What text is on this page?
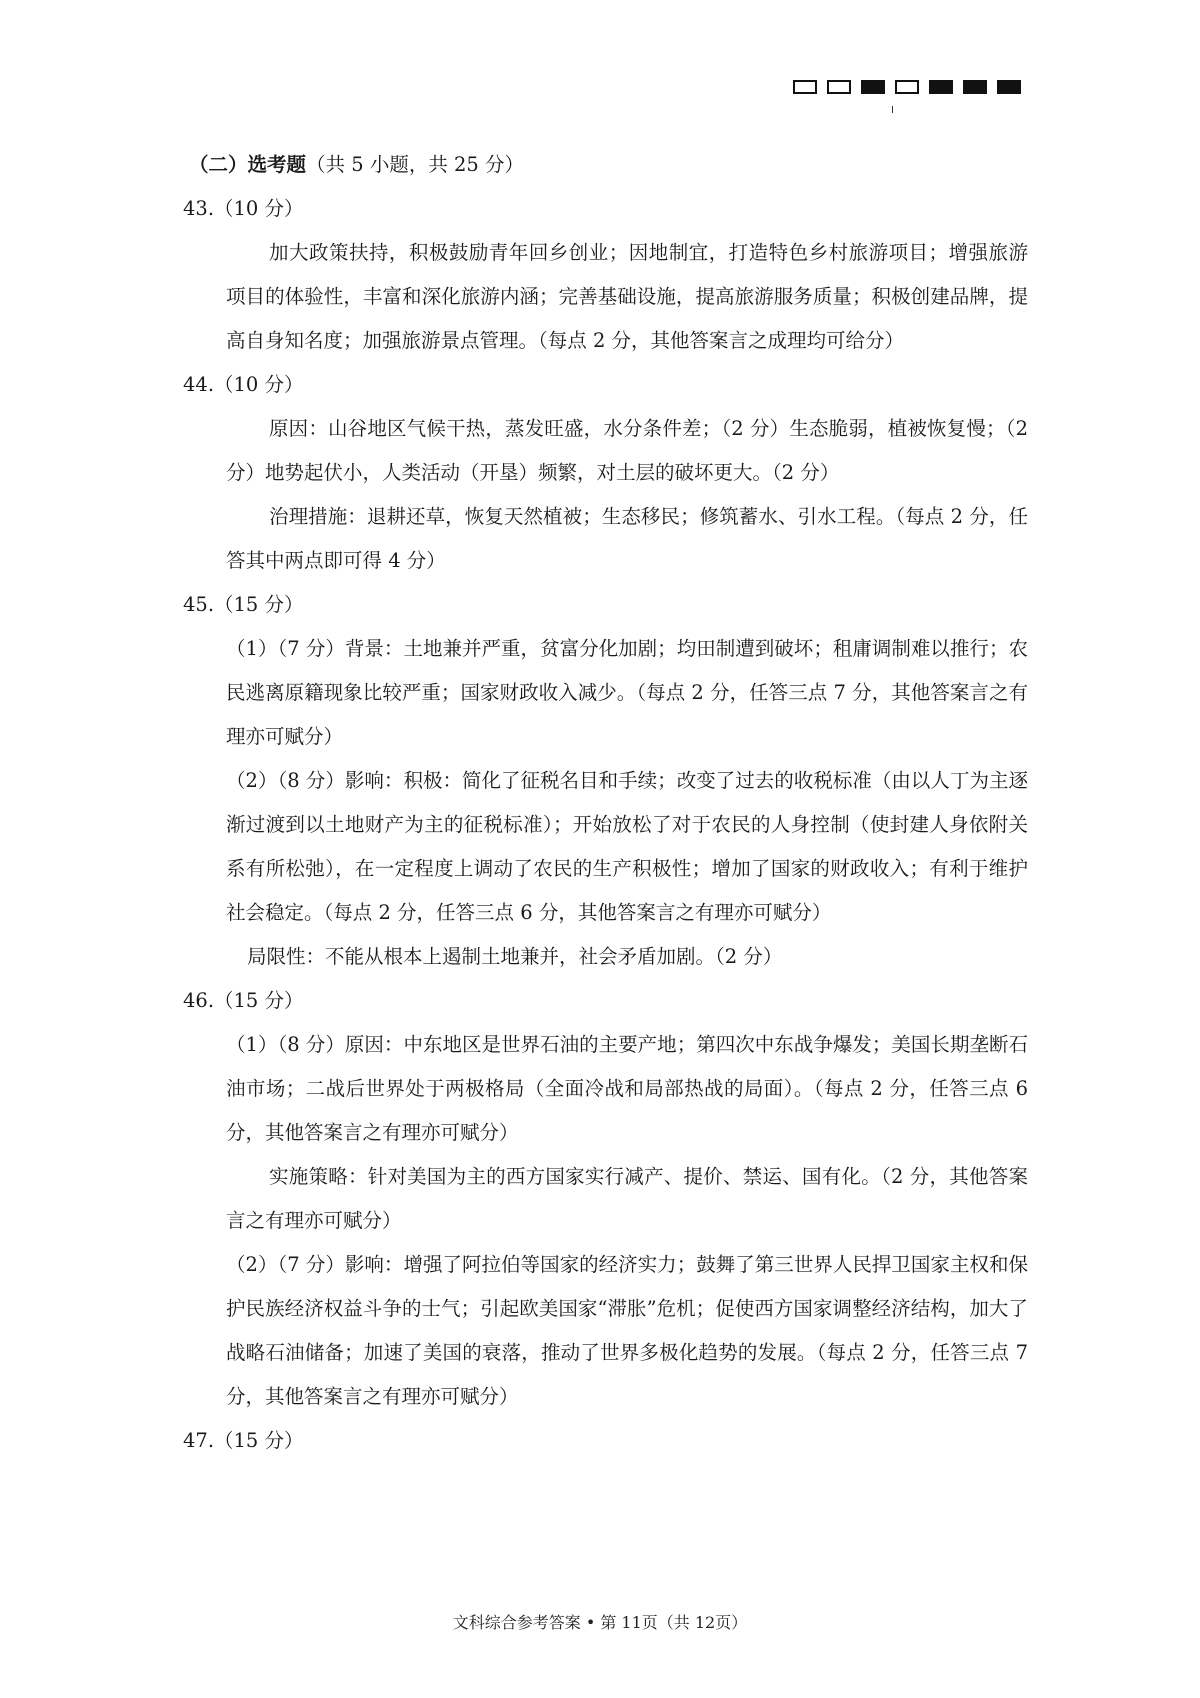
（二）选考题（共 5 小题，共 25 分）
43.（10 分）
加大政策扶持，积极鼓励青年回乡创业；因地制宜，打造特色乡村旅游项目；增强旅游项目的体验性，丰富和深化旅游内涵；完善基础设施，提高旅游服务质量；积极创建品牌，提高自身知名度；加强旅游景点管理。（每点 2 分，其他答案言之成理均可给分）
44.（10 分）
原因：山谷地区气候干热，蒸发旺盛，水分条件差；（2 分）生态脆弱，植被恢复慢；（2 分）地势起伏小，人类活动（开垦）频繁，对土层的破坏更大。（2 分）
治理措施：退耕还草，恢复天然植被；生态移民；修筑蓄水、引水工程。（每点 2 分，任答其中两点即可得 4 分）
45.（15 分）
（1）（7 分）背景：土地兼并严重，贫富分化加剧；均田制遭到破坏；租庸调制难以推行；农民逃离原籍现象比较严重；国家财政收入减少。（每点 2 分，任答三点 7 分，其他答案言之有理亦可赋分）
（2）（8 分）影响：积极：简化了征税名目和手续；改变了过去的收税标准（由以人丁为主逐渐过渡到以土地财产为主的征税标准）；开始放松了对于农民的人身控制（使封建人身依附关系有所松弛），在一定程度上调动了农民的生产积极性；增加了国家的财政收入；有利于维护社会稳定。（每点 2 分，任答三点 6 分，其他答案言之有理亦可赋分）
局限性：不能从根本上遏制土地兼并，社会矛盾加剧。（2 分）
46.（15 分）
（1）（8 分）原因：中东地区是世界石油的主要产地；第四次中东战争爆发；美国长期垄断石油市场；二战后世界处于两极格局（全面冷战和局部热战的局面）。（每点 2 分，任答三点 6 分，其他答案言之有理亦可赋分）
实施策略：针对美国为主的西方国家实行减产、提价、禁运、国有化。（2 分，其他答案言之有理亦可赋分）
（2）（7 分）影响：增强了阿拉伯等国家的经济实力；鼓舞了第三世界人民捍卫国家主权和保护民族经济权益斗争的士气；引起欧美国家“滞胀”危机；促使西方国家调整经济结构，加大了战略石油储备；加速了美国的衰落，推动了世界多极化趋势的发展。（每点 2 分，任答三点 7 分，其他答案言之有理亦可赋分）
47.（15 分）
文科综合参考答案 • 第 11页（共 12页）
